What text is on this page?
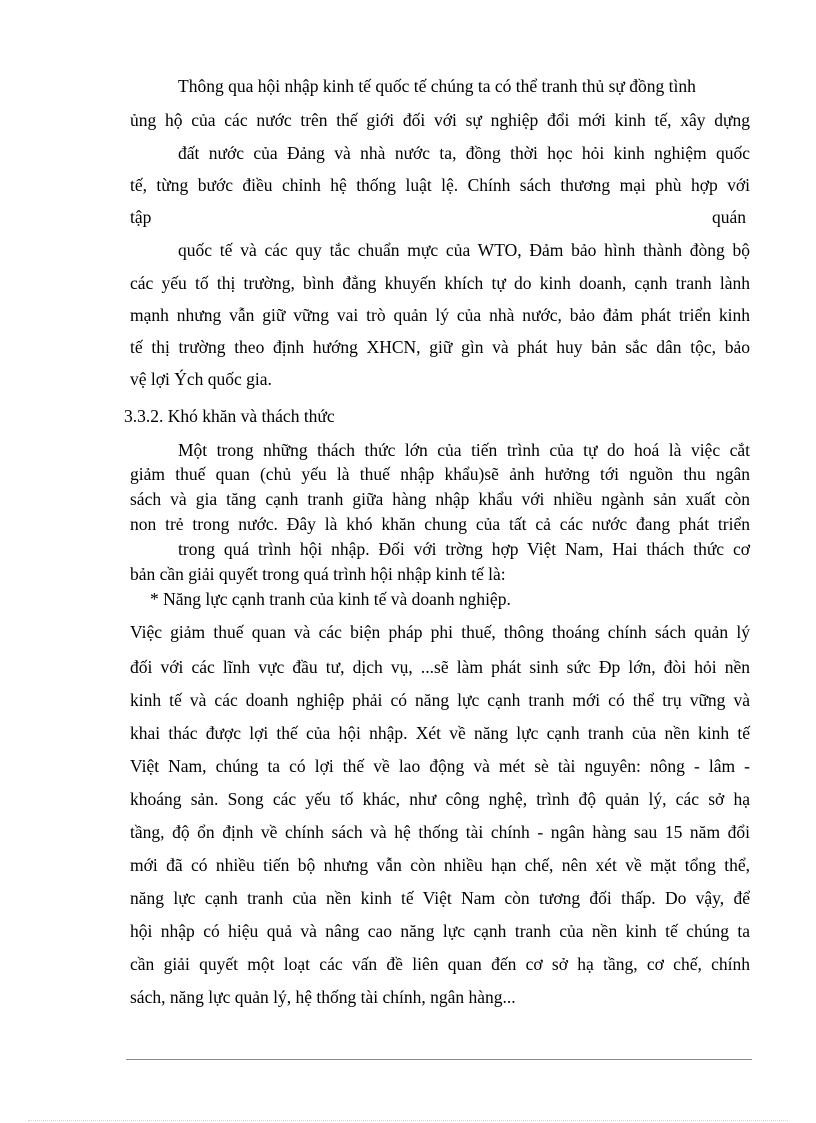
Thông qua hội nhập kinh tế quốc tế chúng ta có thể tranh thủ sự đồng tình
ủng hộ của các nước trên thế giới đối với sự nghiệp đổi mới kinh tế, xây dựng
đất nước của Đảng và nhà nước ta, đồng thời học hỏi kinh nghiệm quốc
tế, từng bước điều chỉnh hệ thống luật lệ. Chính sách thương mại phù hợp với
tập	quán
quốc tế và các quy tắc chuẩn mực của WTO, Đảm bảo hình thành đòng bộ
các yếu tố thị trường, bình đẳng khuyến khích tự do kinh doanh, cạnh tranh lành
mạnh nhưng vẫn giữ vững vai trò quản lý của nhà nước, bảo đảm phát triển kinh
tế thị trường theo định hướng XHCN, giữ gìn và phát huy bản sắc dân tộc, bảo
vệ lợi Ých quốc gia.
3.3.2. Khó khăn và thách thức
Một trong những thách thức lớn của tiến trình của tự do hoá là việc cắt
giảm thuế quan (chủ yếu là thuế nhập khẩu)sẽ ảnh hưởng tới nguồn thu ngân
sách và gia tăng cạnh tranh giữa hàng nhập khẩu với nhiều ngành sản xuất còn
non trẻ trong nước. Đây là khó khăn chung của tất cả các nước đang phát triển
trong quá trình hội nhập. Đối với trờng hợp Việt Nam, Hai thách thức cơ
bản cần giải quyết trong quá trình hội nhập kinh tế là:
* Năng lực cạnh tranh của kinh tế và doanh nghiệp.
Việc giảm thuế quan và các biện pháp phi thuế, thông thoáng chính sách quản lý
đối với các lĩnh vực đầu tư, dịch vụ, ...sẽ làm phát sinh sức Ðp lớn, đòi hỏi nền
kinh tế và các doanh nghiệp phải có năng lực cạnh tranh mới có thể trụ vững và
khai thác được lợi thế của hội nhập. Xét về năng lực cạnh tranh của nền kinh tế
Việt Nam, chúng ta có lợi thế về lao động và mét sè tài nguyên: nông - lâm -
khoáng sản. Song các yếu tố khác, như công nghệ, trình độ quản lý, các sở hạ
tầng, độ ổn định về chính sách và hệ thống tài chính - ngân hàng sau 15 năm đổi
mới đã có nhiều tiến bộ nhưng vẫn còn nhiều hạn chế, nên xét về mặt tổng thể,
năng lực cạnh tranh của nền kinh tế Việt Nam còn tương đối thấp. Do vậy, để
hội nhập có hiệu quả và nâng cao năng lực cạnh tranh của nền kinh tế chúng ta
cần giải quyết một loạt các vấn đề liên quan đến cơ sở hạ tầng, cơ chế, chính
sách, năng lực quản lý, hệ thống tài chính, ngân hàng...
